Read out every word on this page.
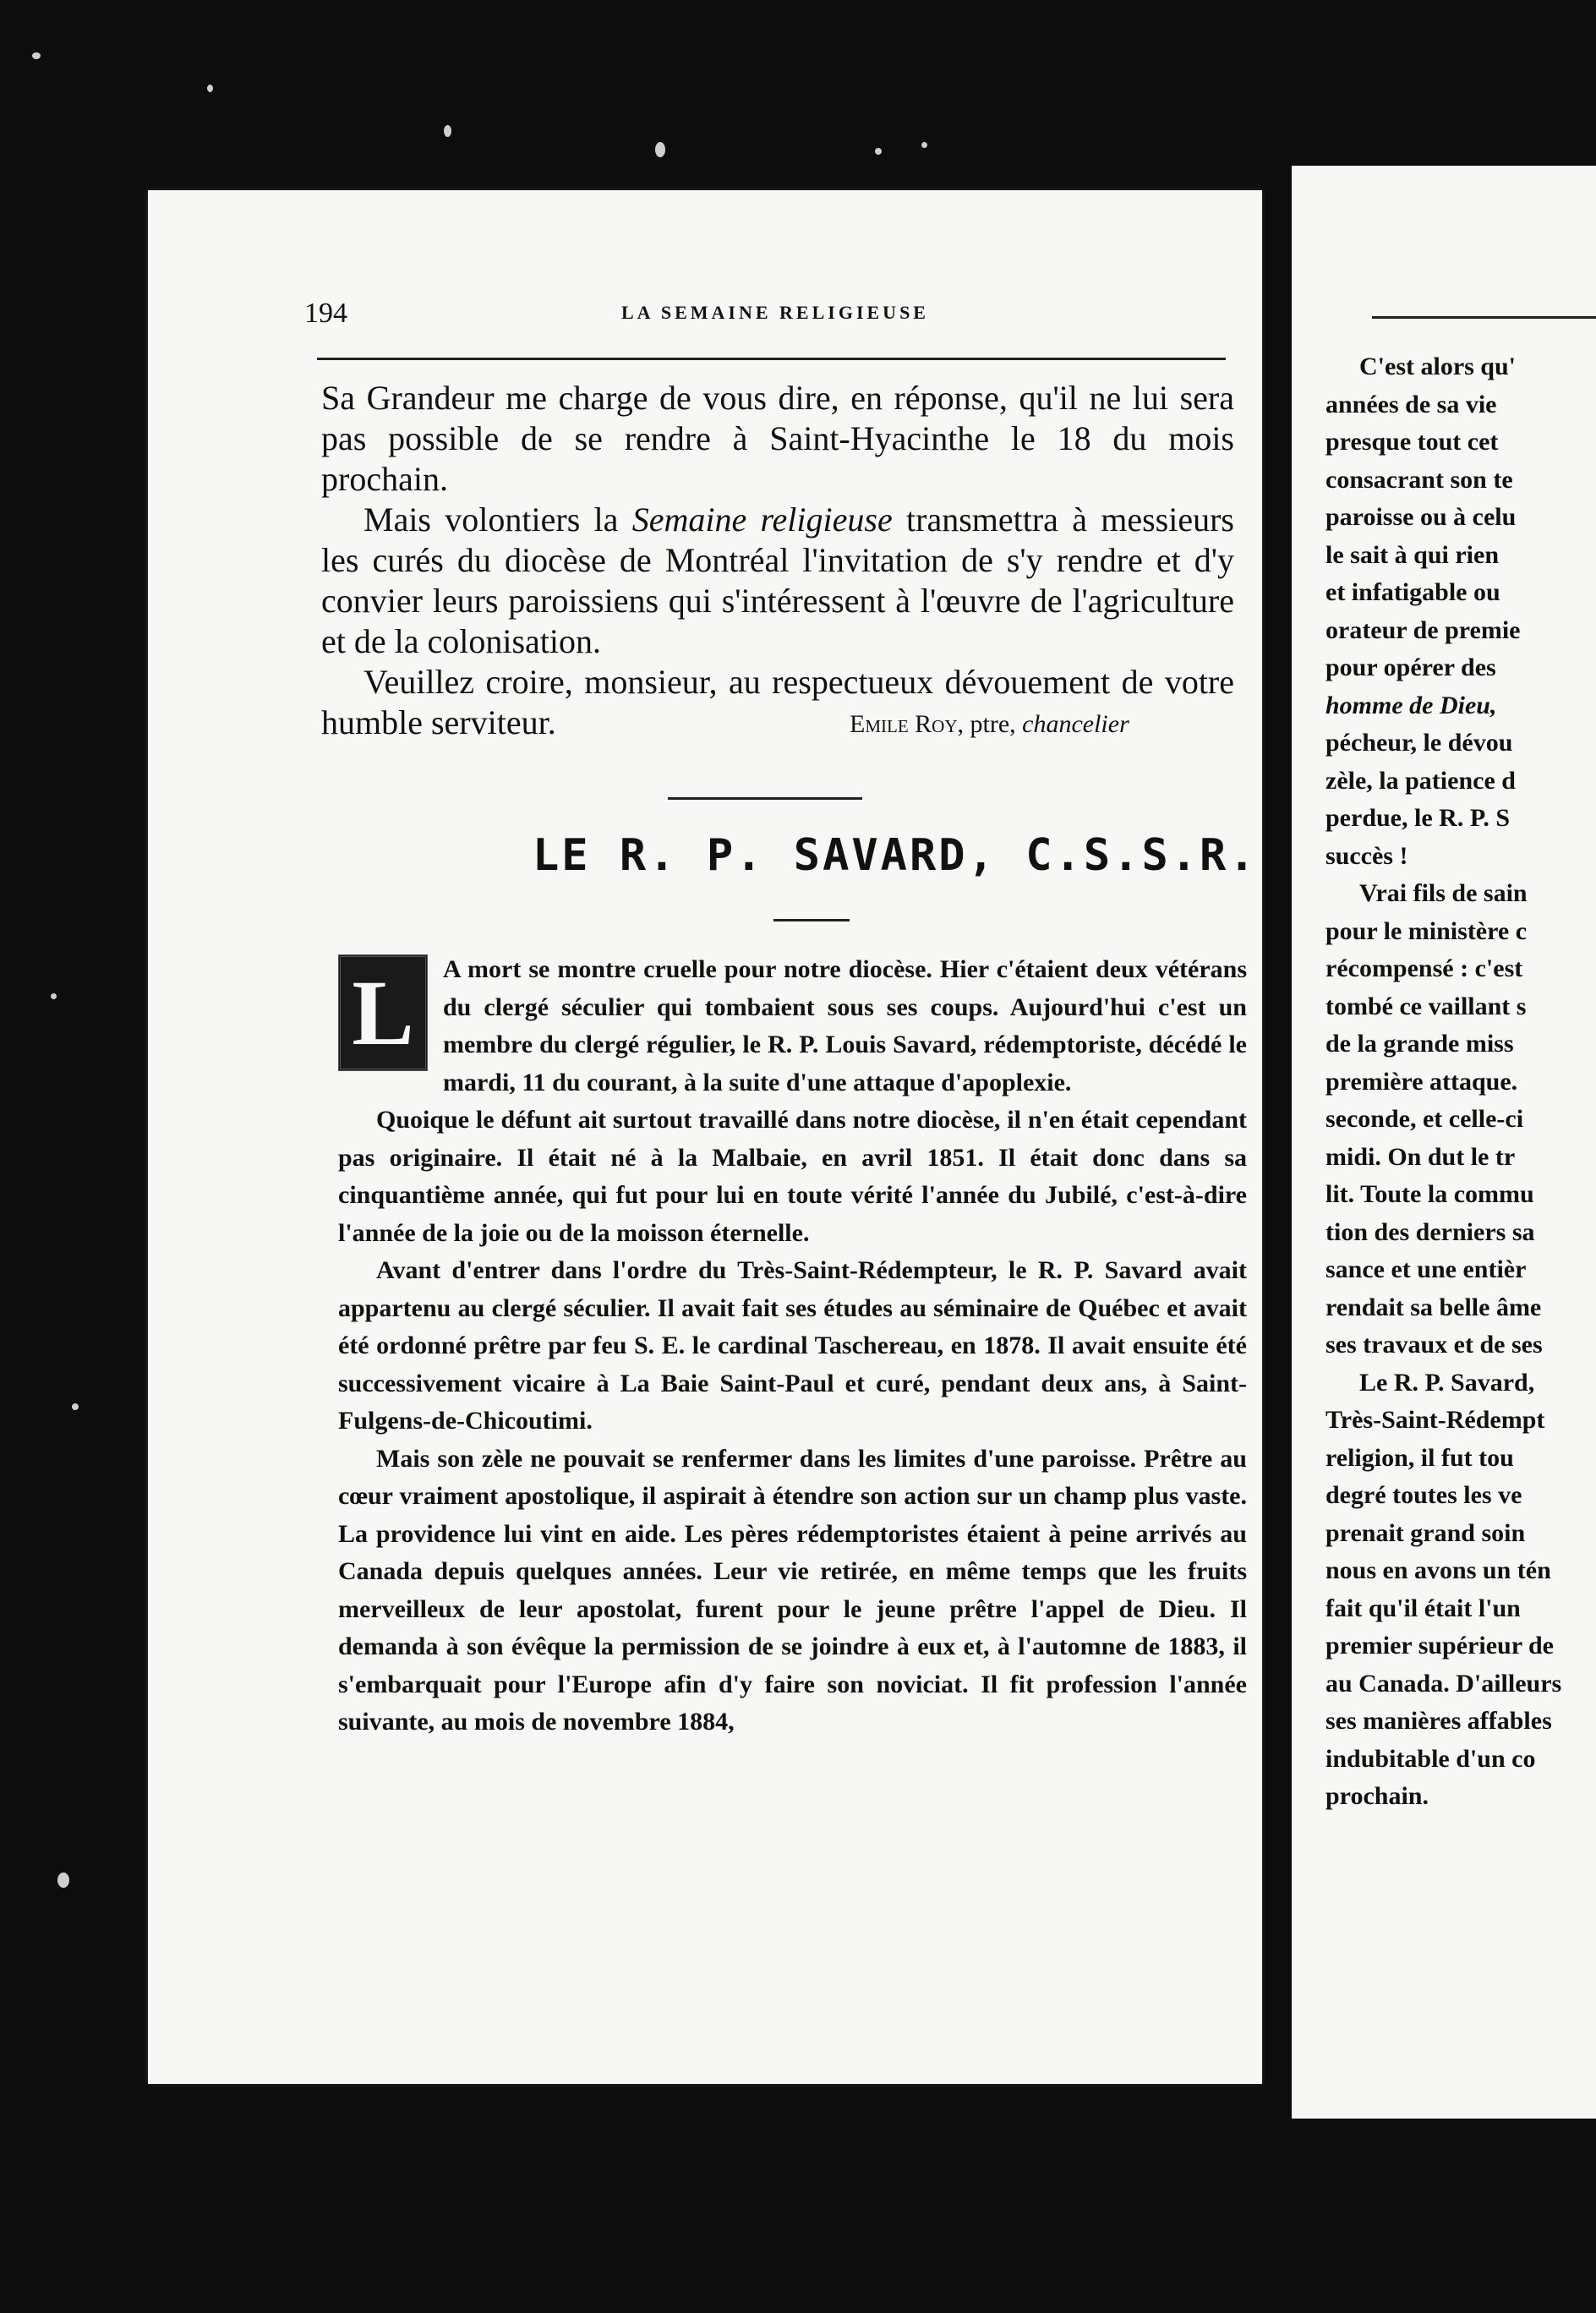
194	LA SEMAINE RELIGIEUSE

Sa Grandeur me charge de vous dire, en réponse, qu'il ne lui sera pas possible de se rendre à Saint-Hyacinthe le 18 du mois prochain.

Mais volontiers la Semaine religieuse transmettra à messieurs les curés du diocèse de Montréal l'invitation de s'y rendre et d'y convier leurs paroissiens qui s'intéressent à l'œuvre de l'agriculture et de la colonisation.

Veuillez croire, monsieur, au respectueux dévouement de votre humble serviteur.	Emile Roy, ptre, chancelier
LE R. P. SAVARD, C.S.S.R.

L	A mort se montre cruelle pour notre diocèse. Hier c'étaient deux vétérans du clergé séculier qui tombaient sous ses coups. Aujourd'hui c'est un membre du clergé régulier, le R. P. Louis Savard, rédemptoriste, décédé le mardi, 11 du courant, à la suite d'une attaque d'apoplexie.

Quoique le défunt ait surtout travaillé dans notre diocèse, il n'en était cependant pas originaire. Il était né à la Malbaie, en avril 1851. Il était donc dans sa cinquantième année, qui fut pour lui en toute vérité l'année du Jubilé, c'est-à-dire l'année de la joie ou de la moisson éternelle.

Avant d'entrer dans l'ordre du Très-Saint-Rédempteur, le R. P. Savard avait appartenu au clergé séculier. Il avait fait ses études au séminaire de Québec et avait été ordonné prêtre par feu S. E. le cardinal Taschereau, en 1878. Il avait ensuite été successivement vicaire à La Baie Saint-Paul et curé, pendant deux ans, à Saint-Fulgens-de-Chicoutimi.

Mais son zèle ne pouvait se renfermer dans les limites d'une paroisse. Prêtre au cœur vraiment apostolique, il aspirait à étendre son action sur un champ plus vaste. La providence lui vint en aide. Les pères rédemptoristes étaient à peine arrivés au Canada depuis quelques années. Leur vie retirée, en même temps que les fruits merveilleux de leur apostolat, furent pour le jeune prêtre l'appel de Dieu. Il demanda à son évêque la permission de se joindre à eux et, à l'automne de 1883, il s'embarquait pour l'Europe afin d'y faire son noviciat. Il fit profession l'année suivante, au mois de novembre 1884,

C'est alors qu'
années de sa vie
presque tout cet
consacrant son te
paroisse ou à celu
le sait à qui rien
et infatigable ou
orateur de premie
pour opérer des
homme de Dieu,
pécheur, le dévou
zèle, la patience d
perdue, le R. P. S
succès !
Vrai fils de sain
pour le ministère c
récompensé : c'est
tombé ce vaillant s
de la grande miss
première attaque.
seconde, et celle-ci
midi. On dut le tr
lit. Toute la commu
tion des derniers sa
sance et une entièr
rendait sa belle âme
ses travaux et de ses
Le R. P. Savard,
Très-Saint-Rédempt
religion, il fut tou
degré toutes les ve
prenait grand soin
nous en avons un tén
fait qu'il était l'un
premier supérieur de
au Canada. D'ailleurs
ses manières affables
indubitable d'un co
prochain.
